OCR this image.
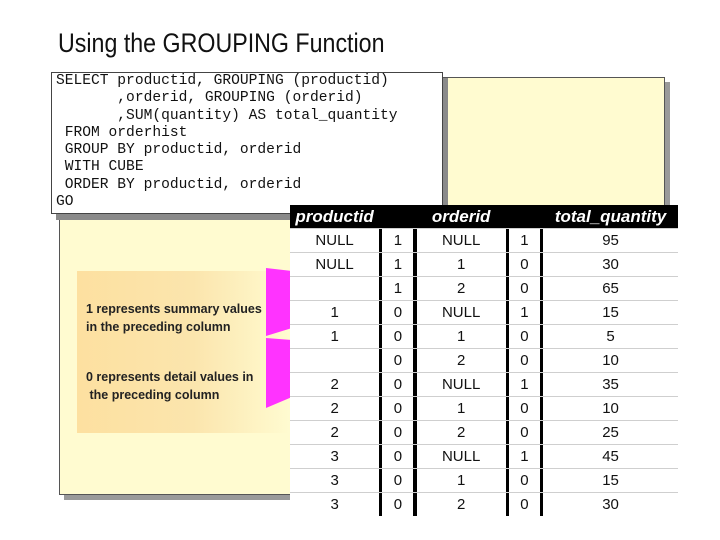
Using the GROUPING Function
1 represents summary values
in the preceding column
0 represents detail values in
the preceding column
SELECT productid, GROUPING (productid)
,orderid, GROUPING (orderid)
,SUM(quantity) AS total_quantity
FROM orderhist
GROUP BY productid, orderid
WITH CUBE
ORDER BY productid, orderid
GO
productid				orderid				total_quantity
NULL		1		NULL		1		95
NULL		1		1		0		30
		1		2		0		65
1		0		NULL		1		15
1		0		1		0		5
		0		2		0		10
2		0		NULL		1		35
2		0		1		0		10
2		0		2		0		25
3		0		NULL		1		45
3		0		1		0		15
3		0		2		0		30
